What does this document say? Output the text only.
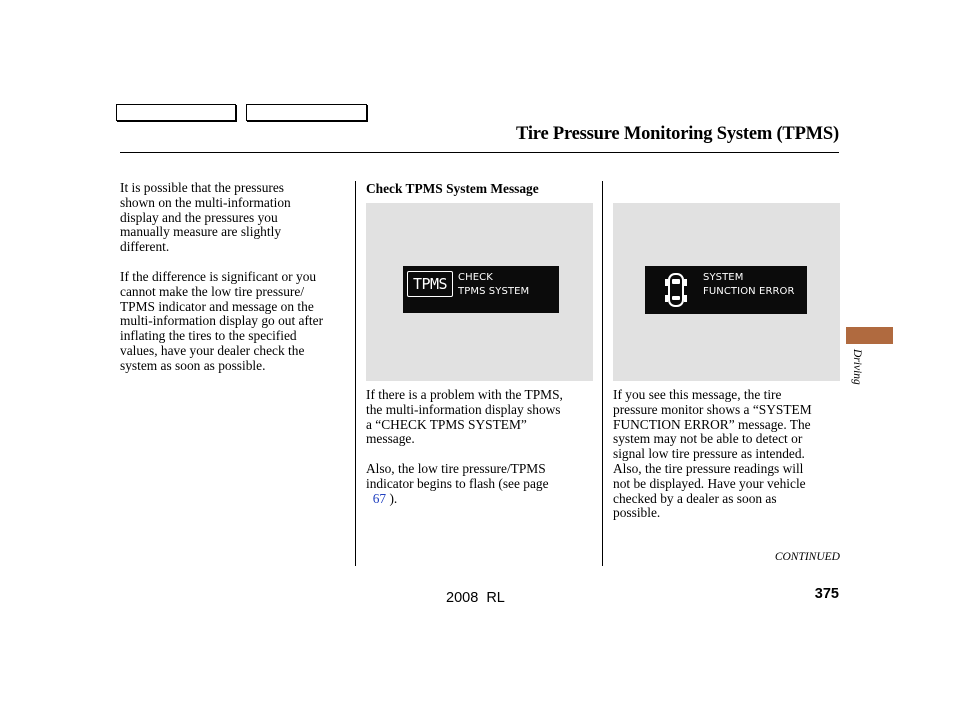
Tire Pressure Monitoring System (TPMS)
It is possible that the pressures
shown on the multi-information
display and the pressures you
manually measure are slightly
different.
If the difference is significant or you
cannot make the low tire pressure/
TPMS indicator and message on the
multi-information display go out after
inflating the tires to the specified
values, have your dealer check the
system as soon as possible.
Check TPMS System Message
TPMS	CHECK
TPMS SYSTEM
If there is a problem with the TPMS,
the multi-information display shows
a “CHECK TPMS SYSTEM”
message.
Also, the low tire pressure/TPMS
indicator begins to flash (see page
67 ).
SYSTEM
FUNCTION ERROR
If you see this message, the tire
pressure monitor shows a “SYSTEM
FUNCTION ERROR” message. The
system may not be able to detect or
signal low tire pressure as intended.
Also, the tire pressure readings will
not be displayed. Have your vehicle
checked by a dealer as soon as
possible.
CONTINUED
2008  RL	375
Driving
